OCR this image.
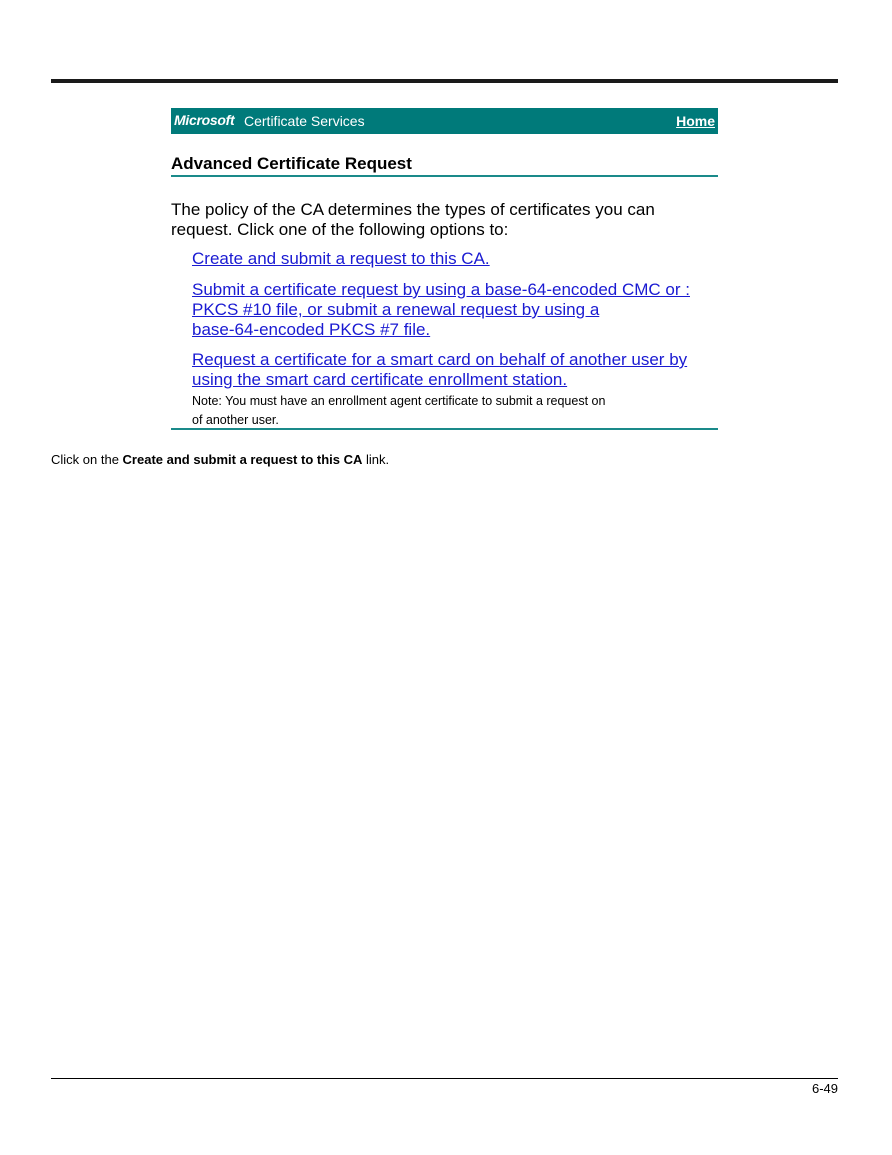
Microsoft Certificate Services	Home
Advanced Certificate Request
The policy of the CA determines the types of certificates you can request. Click one of the following options to:
Create and submit a request to this CA.
Submit a certificate request by using a base-64-encoded CMC or :
PKCS #10 file, or submit a renewal request by using a
base-64-encoded PKCS #7 file.
Request a certificate for a smart card on behalf of another user by
using the smart card certificate enrollment station.
Note: You must have an enrollment agent certificate to submit a request on
of another user.
Click on the Create and submit a request to this CA link.
6-49
